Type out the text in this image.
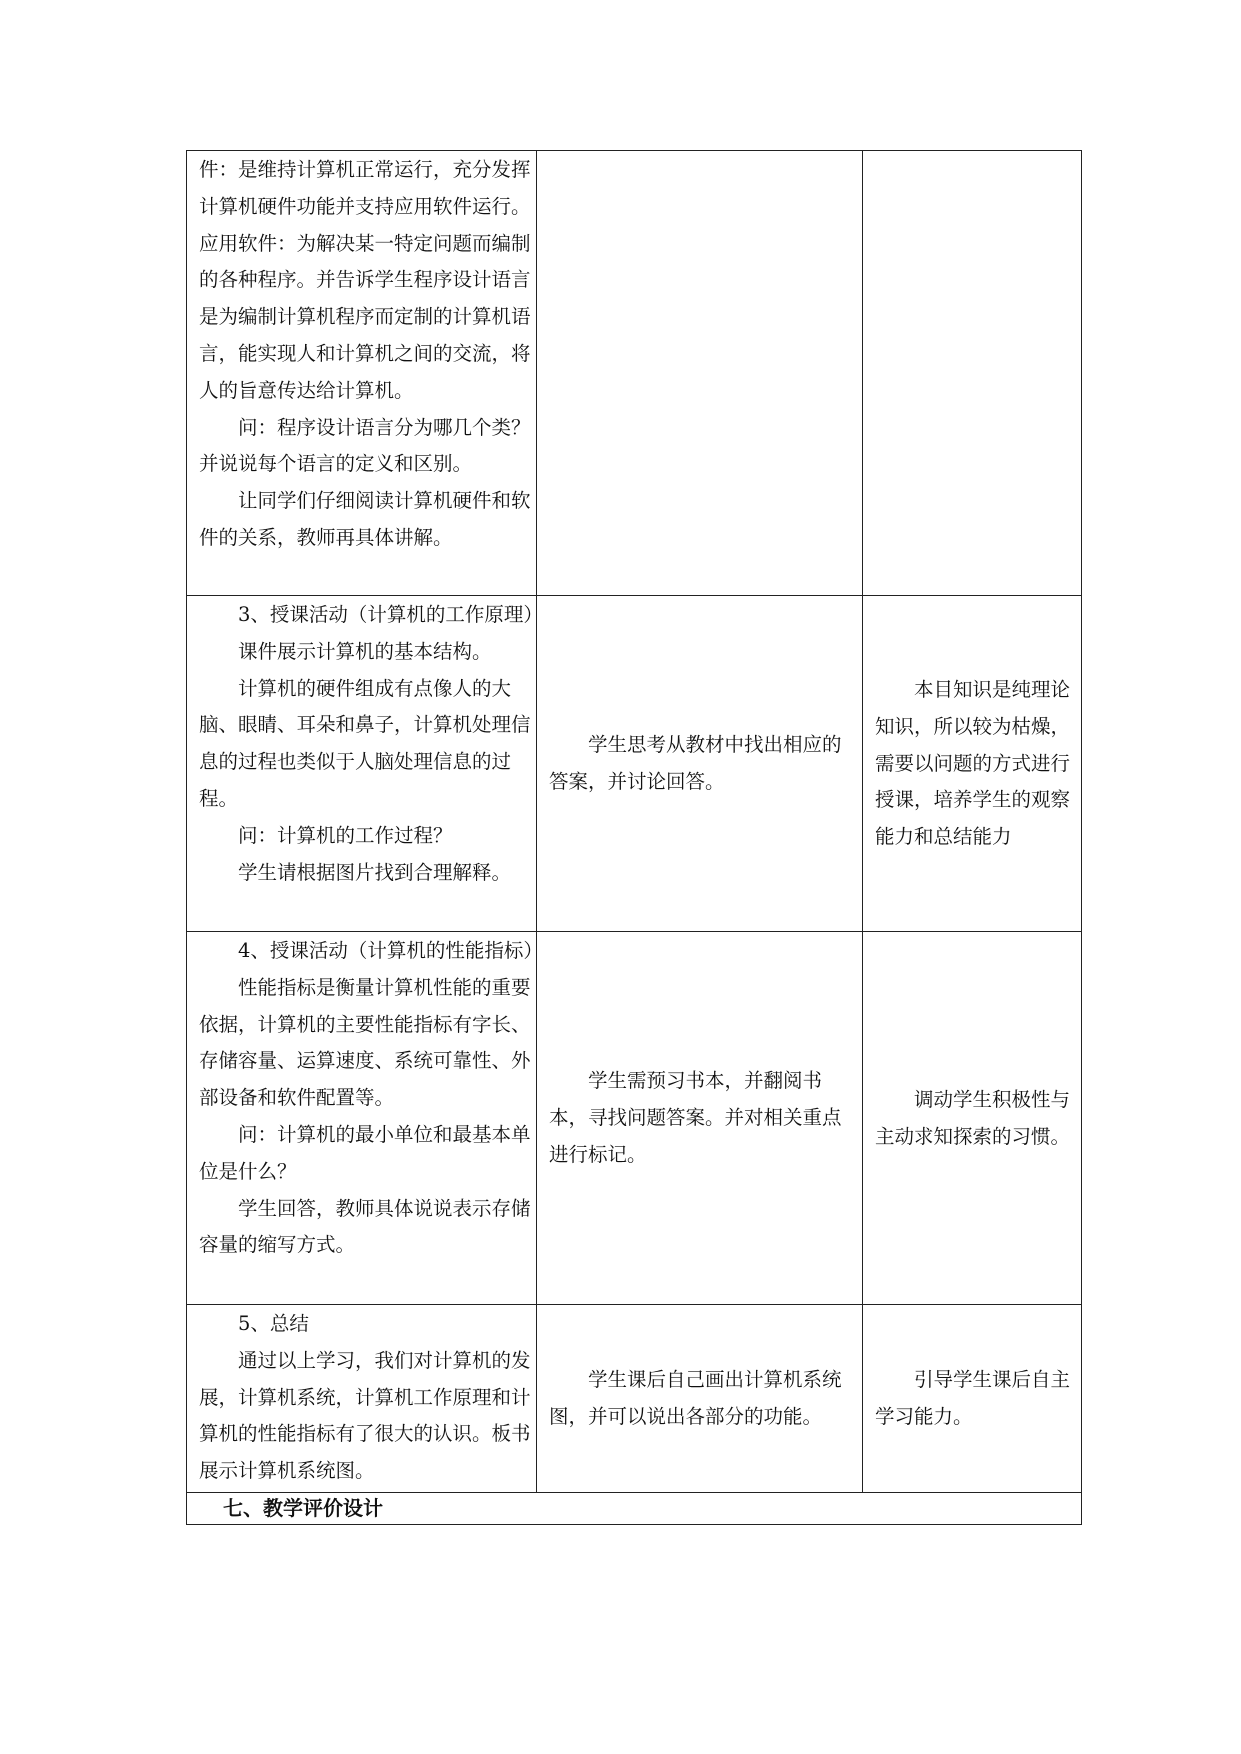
件：是维持计算机正常运行，充分发挥计算机硬件功能并支持应用软件运行。应用软件：为解决某一特定问题而编制的各种程序。并告诉学生程序设计语言是为编制计算机程序而定制的计算机语言，能实现人和计算机之间的交流，将人的旨意传达给计算机。

问：程序设计语言分为哪几个类？并说说每个语言的定义和区别。

让同学们仔细阅读计算机硬件和软件的关系，教师再具体讲解。		

3、授课活动（计算机的工作原理）

课件展示计算机的基本结构。

计算机的硬件组成有点像人的大脑、眼睛、耳朵和鼻子，计算机处理信息的过程也类似于人脑处理信息的过程。

问：计算机的工作过程？

学生请根据图片找到合理解释。	学生思考从教材中找出相应的答案，并讨论回答。	本目知识是纯理论知识，所以较为枯燥，需要以问题的方式进行授课，培养学生的观察能力和总结能力

4、授课活动（计算机的性能指标）

性能指标是衡量计算机性能的重要依据，计算机的主要性能指标有字长、存储容量、运算速度、系统可靠性、外部设备和软件配置等。

问：计算机的最小单位和最基本单位是什么？

学生回答，教师具体说说表示存储容量的缩写方式。	学生需预习书本，并翻阅书本，寻找问题答案。并对相关重点进行标记。	调动学生积极性与主动求知探索的习惯。

5、总结

通过以上学习，我们对计算机的发展，计算机系统，计算机工作原理和计算机的性能指标有了很大的认识。板书展示计算机系统图。	学生课后自己画出计算机系统图，并可以说出各部分的功能。	引导学生课后自主学习能力。

七、教学评价设计		
